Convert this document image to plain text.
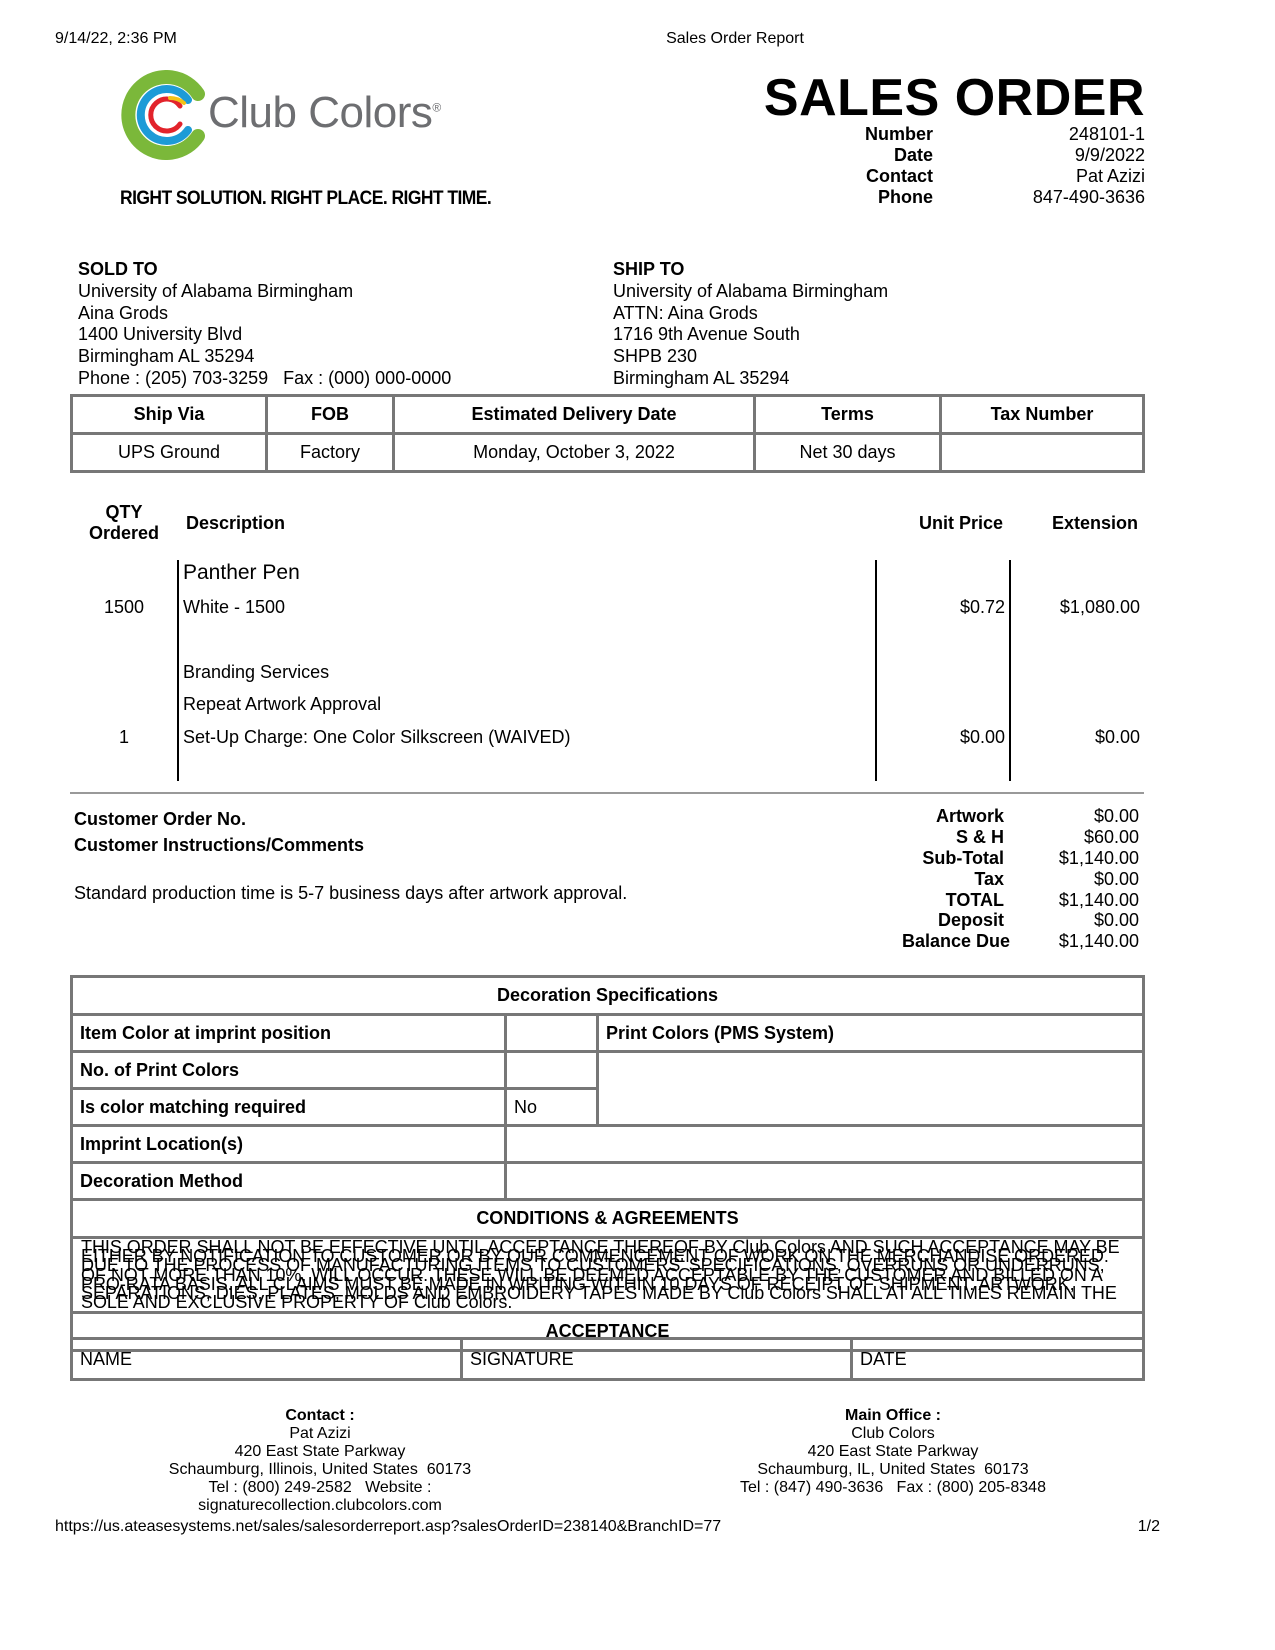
9/14/22, 2:36 PM	Sales Order Report
Club Colors®
RIGHT SOLUTION. RIGHT PLACE. RIGHT TIME.
SALES ORDER
Number	248101-1
Date	9/9/2022
Contact	Pat Azizi
Phone	847-490-3636
SOLD TO
University of Alabama Birmingham
Aina Grods
1400 University Blvd
Birmingham AL 35294
Phone : (205) 703-3259   Fax : (000) 000-0000
SHIP TO
University of Alabama Birmingham
ATTN: Aina Grods
1716 9th Avenue South
SHPB 230
Birmingham AL 35294
Ship Via	FOB	Estimated Delivery Date	Terms	Tax Number
UPS Ground	Factory	Monday, October 3, 2022	Net 30 days	
QTY
Ordered	Description	Unit Price	Extension
Panther Pen
1500	White - 1500	$0.72	$1,080.00
Branding Services
Repeat Artwork Approval
1	Set-Up Charge: One Color Silkscreen (WAIVED)	$0.00	$0.00
Customer Order No.
Customer Instructions/Comments
Standard production time is 5-7 business days after artwork approval.
Artwork	$0.00
S & H	$60.00
Sub-Total	$1,140.00
Tax	$0.00
TOTAL	$1,140.00
Deposit	$0.00
Balance Due	$1,140.00
Decoration Specifications		
Item Color at imprint position		Print Colors (PMS System)
No. of Print Colors		
Is color matching required	No	
Imprint Location(s)		
Decoration Method		
CONDITIONS & AGREEMENTS		
THIS ORDER SHALL NOT BE EFFECTIVE UNTIL ACCEPTANCE THEREOF BY Club Colors AND SUCH ACCEPTANCE MAY BE EITHER BY NOTIFICATION TO CUSTOMER OR BY OUR COMMENCEMENT OF WORK ON THE MERCHANDISE ORDERED. DUE TO THE PROCESS OF MANUFACTURING ITEMS TO CUSTOMERS' SPECIFICATIONS, OVERRUNS OR UNDERRUNS, OF NOT MORE THAN 10%, WILL OCCUR. THESE WILL BE DEEMED ACCEPTABLE BY THE CUSTOMER AND BILLED ON A PRO-RATA BASIS. ALL CLAIMS MUST BE MADE IN WRITING WITHIN 10 DAYS OF RECEIPT OF SHIPMENT. ARTWORK, SEPARATIONS, DIES, PLATES, MOLDS AND EMBROIDERY TAPES MADE BY Club Colors SHALL AT ALL TIMES REMAIN THE SOLE AND EXCLUSIVE PROPERTY OF Club Colors.		
ACCEPTANCE		
NAME	SIGNATURE	DATE
Contact :
Pat Azizi
420 East State Parkway
Schaumburg, Illinois, United States  60173
Tel : (800) 249-2582   Website :
signaturecollection.clubcolors.com
Main Office :
Club Colors
420 East State Parkway
Schaumburg, IL, United States  60173
Tel : (847) 490-3636   Fax : (800) 205-8348
https://us.ateasesystems.net/sales/salesorderreport.asp?salesOrderID=238140&BranchID=77	1/2
